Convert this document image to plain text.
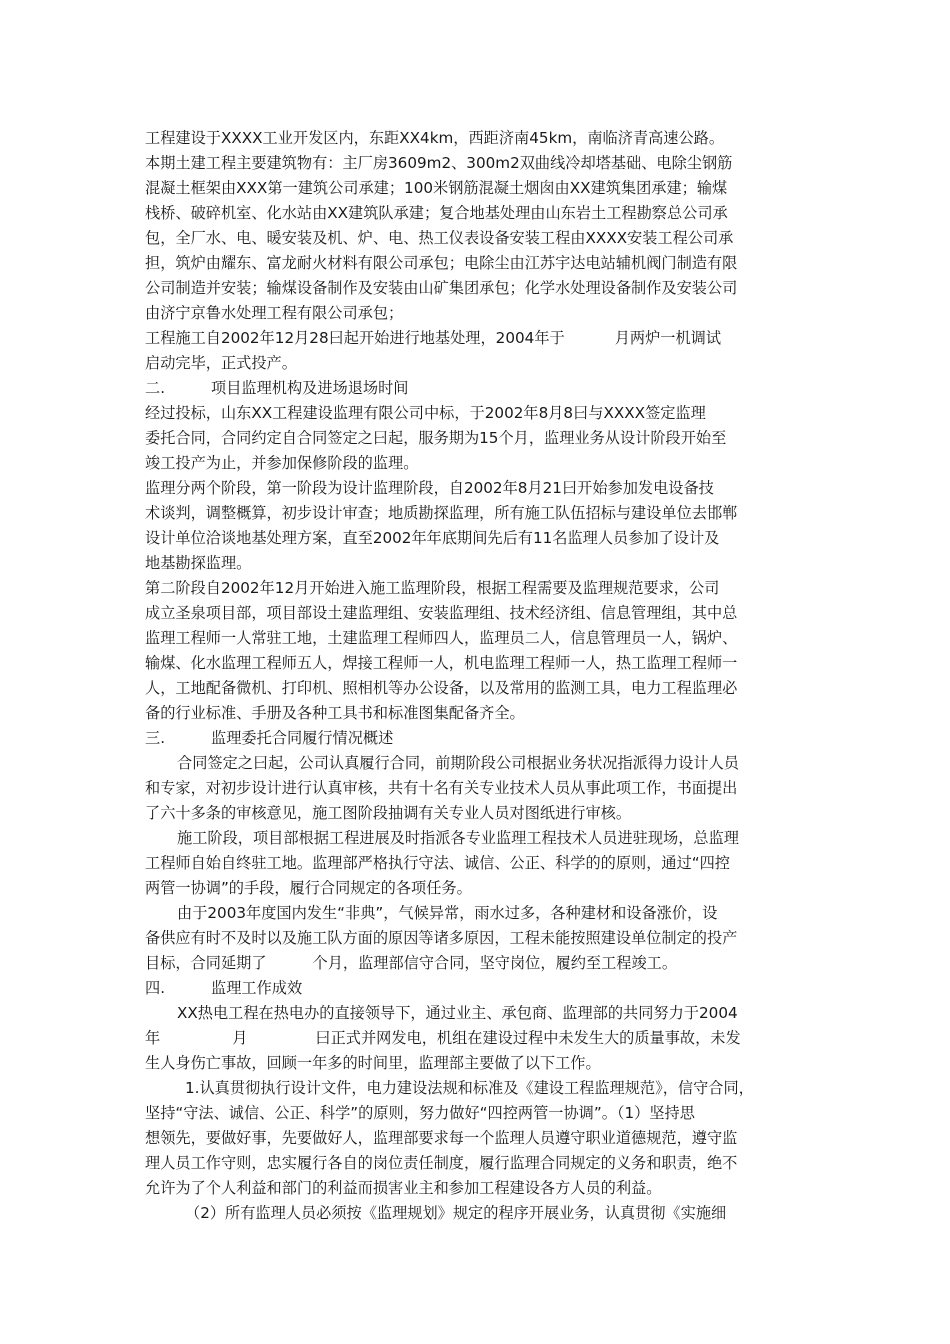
工程建设于XXXX工业开发区内，东距XX4km，西距济南45km，南临济青高速公路。
本期土建工程主要建筑物有：主厂房3609m2、300m2双曲线冷却塔基础、电除尘钢筋
混凝土框架由XXX第一建筑公司承建；100米钢筋混凝土烟囱由XX建筑集团承建；输煤
栈桥、破碎机室、化水站由XX建筑队承建；复合地基处理由山东岩土工程勘察总公司承
包，全厂水、电、暖安装及机、炉、电、热工仪表设备安装工程由XXXX安装工程公司承
担，筑炉由耀东、富龙耐火材料有限公司承包；电除尘由江苏宇达电站辅机阀门制造有限
公司制造并安装；输煤设备制作及安装由山矿集团承包；化学水处理设备制作及安装公司
由济宁京鲁水处理工程有限公司承包；
工程施工自2002年12月28曰起开始进行地基处理，2004年于	月两炉一机调试
启动完毕，正式投产。
二.	项目监理机构及进场退场时间
经过投标，山东XX工程建设监理有限公司中标，于2002年8月8曰与XXXX签定监理
委托合同，合同约定自合同签定之曰起，服务期为15个月，监理业务从设计阶段开始至
竣工投产为止，并参加保修阶段的监理。
监理分两个阶段，第一阶段为设计监理阶段，自2002年8月21曰开始参加发电设备技
术谈判，调整概算，初步设计审查；地质勘探监理，所有施工队伍招标与建设单位去邯郸
设计单位洽谈地基处理方案，直至2002年年底期间先后有11名监理人员参加了设计及
地基勘探监理。
第二阶段自2002年12月开始进入施工监理阶段，根据工程需要及监理规范要求，公司
成立圣泉项目部，项目部设土建监理组、安装监理组、技术经济组、信息管理组，其中总
监理工程师一人常驻工地，土建监理工程师四人，监理员二人，信息管理员一人，锅炉、
输煤、化水监理工程师五人，焊接工程师一人，机电监理工程师一人，热工监理工程师一
人，工地配备微机、打印机、照相机等办公设备，以及常用的监测工具，电力工程监理必
备的行业标准、手册及各种工具书和标准图集配备齐全。
三.	监理委托合同履行情况概述
合同签定之曰起，公司认真履行合同，前期阶段公司根据业务状况指派得力设计人员
和专家，对初步设计进行认真审核，共有十名有关专业技术人员从事此项工作，书面提出
了六十多条的审核意见，施工图阶段抽调有关专业人员对图纸进行审核。
施工阶段，项目部根据工程进展及时指派各专业监理工程技术人员进驻现场，总监理
工程师自始自终驻工地。监理部严格执行守法、诚信、公正、科学的的原则，通过“四控
两管一协调”的手段，履行合同规定的各项任务。
由于2003年度国内发生“非典”，气候异常，雨水过多，各种建材和设备涨价，设
备供应有时不及时以及施工队方面的原因等诸多原因，工程未能按照建设单位制定的投产
目标，合同延期了	个月，监理部信守合同，坚守岗位，履约至工程竣工。
四.	监理工作成效
XX热电工程在热电办的直接领导下，通过业主、承包商、监理部的共同努力于2004
年	月	曰正式并网发电，机组在建设过程中未发生大的质量事故，未发
生人身伤亡事故，回顾一年多的时间里，监理部主要做了以下工作。
1.认真贯彻执行设计文件，电力建设法规和标准及《建设工程监理规范》，信守合同，
坚持“守法、诚信、公正、科学”的原则，努力做好“四控两管一协调”。（1）坚持思
想领先，要做好事，先要做好人，监理部要求每一个监理人员遵守职业道德规范，遵守监
理人员工作守则，忠实履行各自的岗位责任制度，履行监理合同规定的义务和职责，绝不
允许为了个人利益和部门的利益而损害业主和参加工程建设各方人员的利益。
（2）所有监理人员必须按《监理规划》规定的程序开展业务，认真贯彻《实施细
